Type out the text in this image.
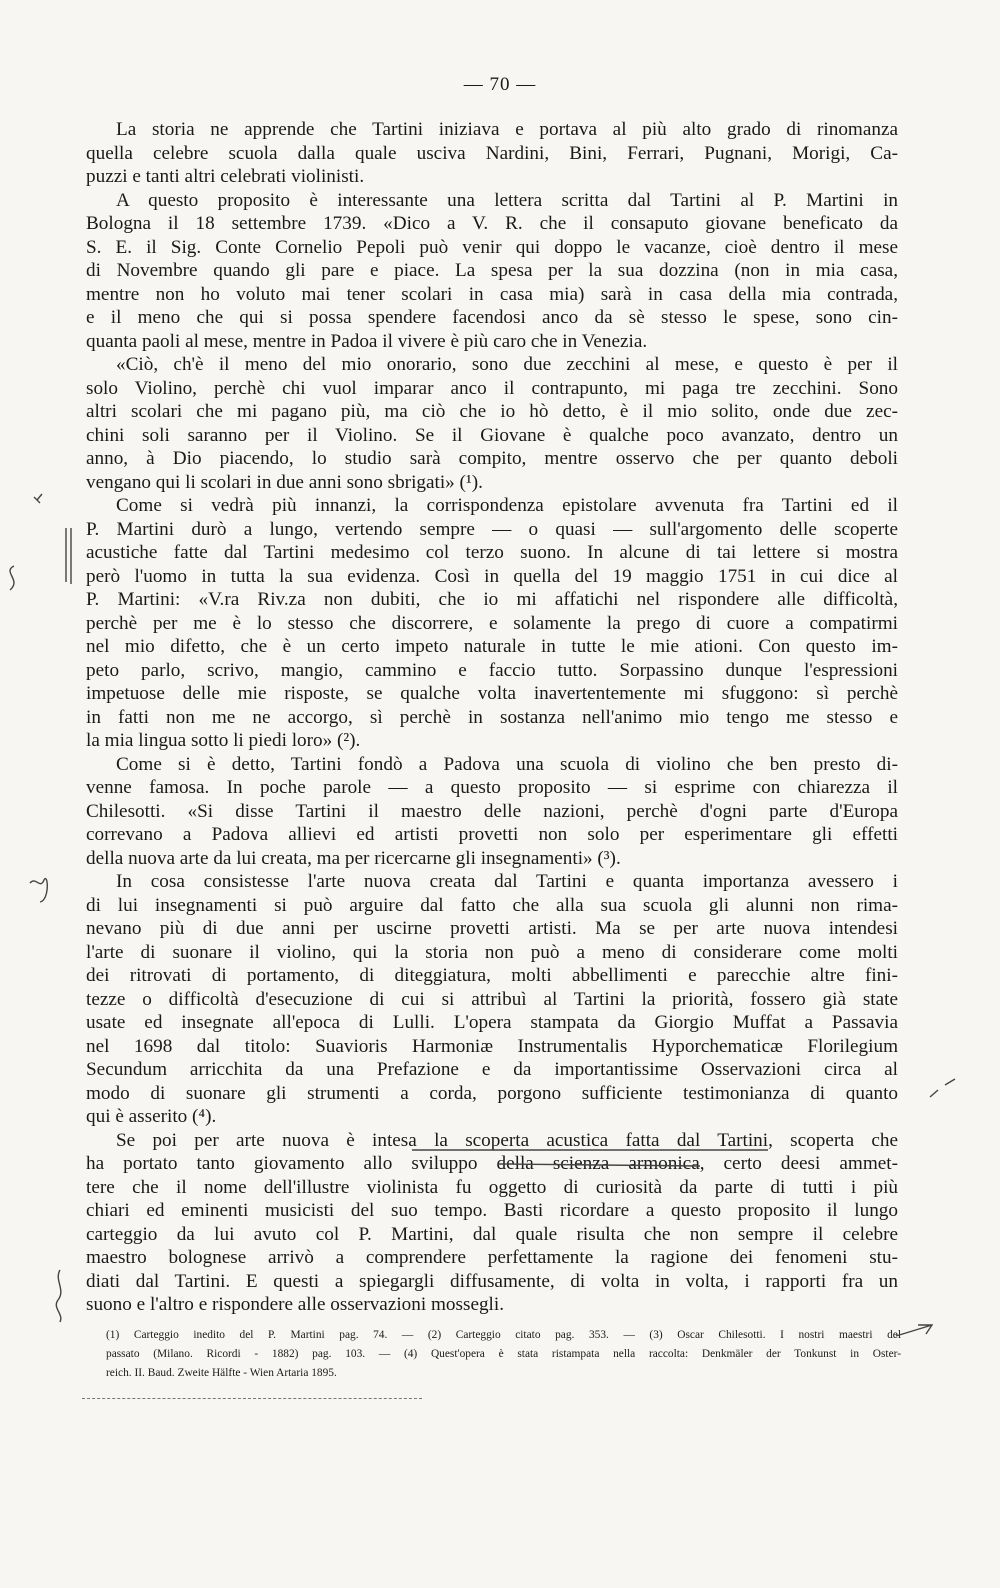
— 70 —
La storia ne apprende che Tartini iniziava e portava al più alto grado di rinomanza
quella celebre scuola dalla quale usciva Nardini, Bini, Ferrari, Pugnani, Morigi, Ca-
puzzi e tanti altri celebrati violinisti.
A questo proposito è interessante una lettera scritta dal Tartini al P. Martini in
Bologna il 18 settembre 1739. «Dico a V. R. che il consaputo giovane beneficato da
S. E. il Sig. Conte Cornelio Pepoli può venir qui doppo le vacanze, cioè dentro il mese
di Novembre quando gli pare e piace. La spesa per la sua dozzina (non in mia casa,
mentre non ho voluto mai tener scolari in casa mia) sarà in casa della mia contrada,
e il meno che qui si possa spendere facendosi anco da sè stesso le spese, sono cin-
quanta paoli al mese, mentre in Padoa il vivere è più caro che in Venezia.
«Ciò, ch'è il meno del mio onorario, sono due zecchini al mese, e questo è per il
solo Violino, perchè chi vuol imparar anco il contrapunto, mi paga tre zecchini. Sono
altri scolari che mi pagano più, ma ciò che io hò detto, è il mio solito, onde due zec-
chini soli saranno per il Violino. Se il Giovane è qualche poco avanzato, dentro un
anno, à Dio piacendo, lo studio sarà compito, mentre osservo che per quanto deboli
vengano qui li scolari in due anni sono sbrigati» (¹).
Come si vedrà più innanzi, la corrispondenza epistolare avvenuta fra Tartini ed il
P. Martini durò a lungo, vertendo sempre — o quasi — sull'argomento delle scoperte
acustiche fatte dal Tartini medesimo col terzo suono. In alcune di tai lettere si mostra
però l'uomo in tutta la sua evidenza. Così in quella del 19 maggio 1751 in cui dice al
P. Martini: «V.ra Riv.za non dubiti, che io mi affatichi nel rispondere alle difficoltà,
perchè per me è lo stesso che discorrere, e solamente la prego di cuore a compatirmi
nel mio difetto, che è un certo impeto naturale in tutte le mie ationi. Con questo im-
peto parlo, scrivo, mangio, cammino e faccio tutto. Sorpassino dunque l'espressioni
impetuose delle mie risposte, se qualche volta inavertentemente mi sfuggono: sì perchè
in fatti non me ne accorgo, sì perchè in sostanza nell'animo mio tengo me stesso e
la mia lingua sotto li piedi loro» (²).
Come si è detto, Tartini fondò a Padova una scuola di violino che ben presto di-
venne famosa. In poche parole — a questo proposito — si esprime con chiarezza il
Chilesotti. «Si disse Tartini il maestro delle nazioni, perchè d'ogni parte d'Europa
correvano a Padova allievi ed artisti provetti non solo per esperimentare gli effetti
della nuova arte da lui creata, ma per ricercarne gli insegnamenti» (³).
In cosa consistesse l'arte nuova creata dal Tartini e quanta importanza avessero i
di lui insegnamenti si può arguire dal fatto che alla sua scuola gli alunni non rima-
nevano più di due anni per uscirne provetti artisti. Ma se per arte nuova intendesi
l'arte di suonare il violino, qui la storia non può a meno di considerare come molti
dei ritrovati di portamento, di diteggiatura, molti abbellimenti e parecchie altre fini-
tezze o difficoltà d'esecuzione di cui si attribuì al Tartini la priorità, fossero già state
usate ed insegnate all'epoca di Lulli. L'opera stampata da Giorgio Muffat a Passavia
nel 1698 dal titolo: Suavioris Harmoniæ Instrumentalis Hyporchematicæ Florilegium
Secundum arricchita da una Prefazione e da importantissime Osservazioni circa al
modo di suonare gli strumenti a corda, porgono sufficiente testimonianza di quanto
qui è asserito (⁴).
Se poi per arte nuova è intesa la scoperta acustica fatta dal Tartini, scoperta che
ha portato tanto giovamento allo sviluppo della scienza armonica, certo deesi ammet-
tere che il nome dell'illustre violinista fu oggetto di curiosità da parte di tutti i più
chiari ed eminenti musicisti del suo tempo. Basti ricordare a questo proposito il lungo
carteggio da lui avuto col P. Martini, dal quale risulta che non sempre il celebre
maestro bolognese arrivò a comprendere perfettamente la ragione dei fenomeni stu-
diati dal Tartini. E questi a spiegargli diffusamente, di volta in volta, i rapporti fra un
suono e l'altro e rispondere alle osservazioni mossegli.
(1) Carteggio inedito del P. Martini pag. 74. — (2) Carteggio citato pag. 353. — (3) Oscar Chilesotti. I nostri maestri del
passato (Milano. Ricordi - 1882) pag. 103. — (4) Quest'opera è stata ristampata nella raccolta: Denkmäler der Tonkunst in Oster-
reich. II. Baud. Zweite Hälfte - Wien Artaria 1895.
